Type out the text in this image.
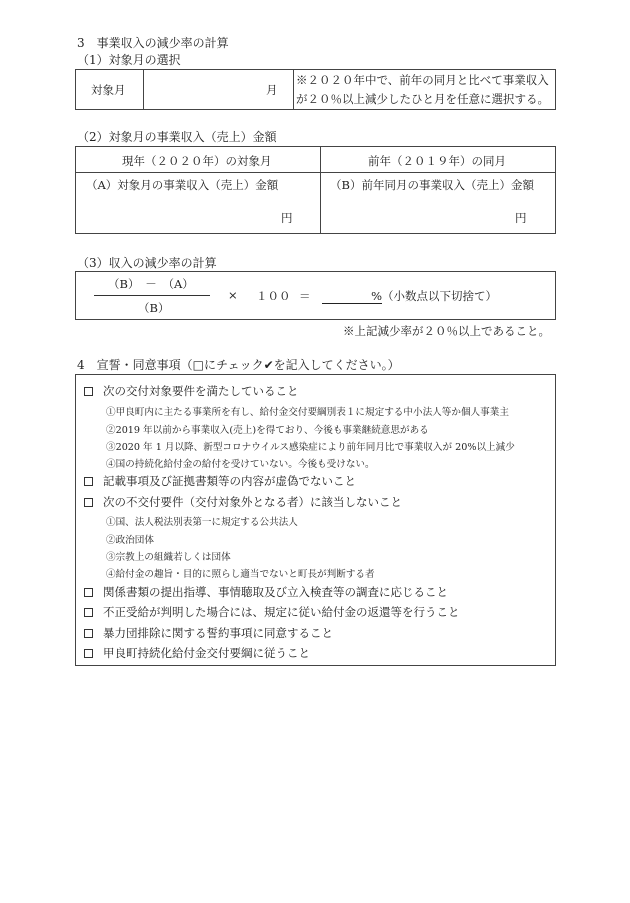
3　事業収入の減少率の計算
（1）対象月の選択
対象月	月
※２０２０年中で、前年の同月と比べて事業収入
が２０％以上減少したひと月を任意に選択する。
（2）対象月の事業収入（売上）金額
現年（２０２０年）の対象月	前年（２０１９年）の同月
（A）対象月の事業収入（売上）金額
円
（B）前年同月の事業収入（売上）金額
円
（3）収入の減少率の計算
（B）　－　（A）
（B）
× １００ ＝	%（小数点以下切捨て）
※上記減少率が２０％以上であること。
4　宣誓・同意事項（□にチェック✔を記入してください。）
次の交付対象要件を満たしていること
①甲良町内に主たる事業所を有し、給付金交付要綱別表１に規定する中小法人等か個人事業主
②2019 年以前から事業収入(売上)を得ており、今後も事業継続意思がある
③2020 年 1 月以降、新型コロナウイルス感染症により前年同月比で事業収入が 20%以上減少
④国の持続化給付金の給付を受けていない。今後も受けない。
記載事項及び証拠書類等の内容が虚偽でないこと
次の不交付要件（交付対象外となる者）に該当しないこと
①国、法人税法別表第一に規定する公共法人
②政治団体
③宗教上の組織若しくは団体
④給付金の趣旨・目的に照らし適当でないと町長が判断する者
関係書類の提出指導、事情聴取及び立入検査等の調査に応じること
不正受給が判明した場合には、規定に従い給付金の返還等を行うこと
暴力団排除に関する誓約事項に同意すること
甲良町持続化給付金交付要綱に従うこと
